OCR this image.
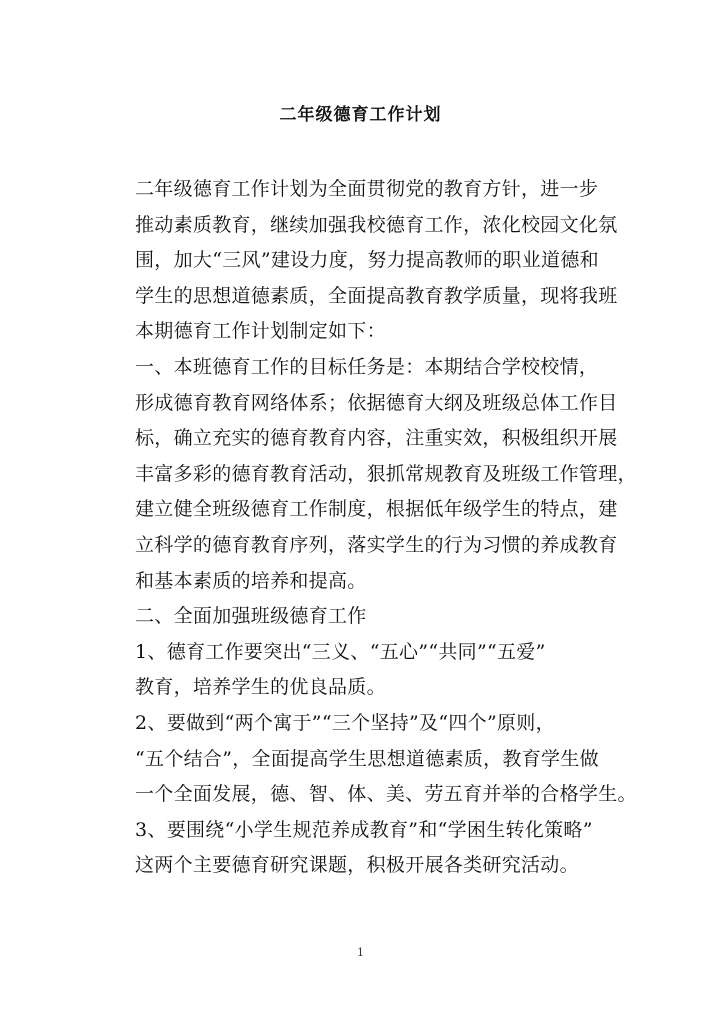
二年级德育工作计划
二年级德育工作计划为全面贯彻党的教育方针，进一步
推动素质教育，继续加强我校德育工作，浓化校园文化氛
围，加大“三风”建设力度，努力提高教师的职业道德和
学生的思想道德素质，全面提高教育教学质量，现将我班
本期德育工作计划制定如下：
一、本班德育工作的目标任务是：本期结合学校校情，
形成德育教育网络体系；依据德育大纲及班级总体工作目
标，确立充实的德育教育内容，注重实效，积极组织开展
丰富多彩的德育教育活动，狠抓常规教育及班级工作管理，
建立健全班级德育工作制度，根据低年级学生的特点，建
立科学的德育教育序列，落实学生的行为习惯的养成教育
和基本素质的培养和提高。
二、全面加强班级德育工作
1、德育工作要突出“三义、“五心”“共同”“五爱”
教育，培养学生的优良品质。
2、要做到“两个寓于”“三个坚持”及“四个”原则，
“五个结合”，全面提高学生思想道德素质，教育学生做
一个全面发展，德、智、体、美、劳五育并举的合格学生。
3、要围绕“小学生规范养成教育”和“学困生转化策略”
这两个主要德育研究课题，积极开展各类研究活动。
1
